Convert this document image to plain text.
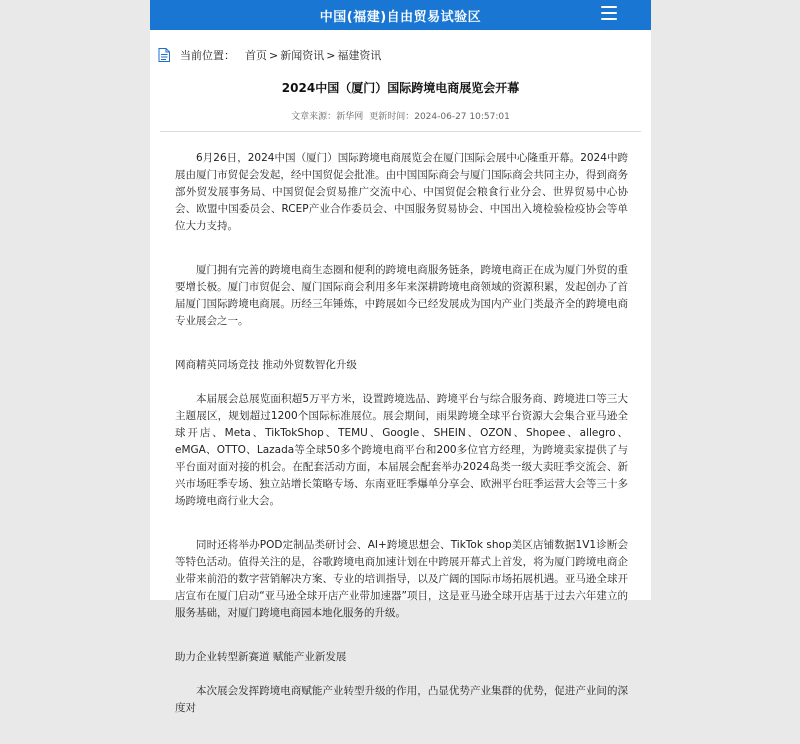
中国(福建)自由贸易试验区
当前位置： 首页 > 新闻资讯 > 福建资讯
2024中国（厦门）国际跨境电商展览会开幕
文章来源：新华网 更新时间：2024-06-27 10:57:01

6月26日，2024中国（厦门）国际跨境电商展览会在厦门国际会展中心隆重开幕。2024中跨展由厦门市贸促会发起，经中国贸促会批准。由中国国际商会与厦门国际商会共同主办，得到商务部外贸发展事务局、中国贸促会贸易推广交流中心、中国贸促会粮食行业分会、世界贸易中心协会、欧盟中国委员会、RCEP产业合作委员会、中国服务贸易协会、中国出入境检验检疫协会等单位大力支持。

厦门拥有完善的跨境电商生态圈和便利的跨境电商服务链条，跨境电商正在成为厦门外贸的重要增长极。厦门市贸促会、厦门国际商会利用多年来深耕跨境电商领域的资源积累，发起创办了首届厦门国际跨境电商展。历经三年锤炼，中跨展如今已经发展成为国内产业门类最齐全的跨境电商专业展会之一。

网商精英同场竞技 推动外贸数智化升级

本届展会总展览面积超5万平方米，设置跨境选品、跨境平台与综合服务商、跨境进口等三大主题展区，规划超过1200个国际标准展位。展会期间，雨果跨境全球平台资源大会集合亚马逊全球开店、Meta、TikTokShop、TEMU、Google、SHEIN、OZON、Shopee、allegro、eMGA、OTTO、Lazada等全球50多个跨境电商平台和200多位官方经理，为跨境卖家提供了与平台面对面对接的机会。在配套活动方面，本届展会配套举办2024岛类一级大卖旺季交流会、新兴市场旺季专场、独立站增长策略专场、东南亚旺季爆单分享会、欧洲平台旺季运营大会等三十多场跨境电商行业大会。

同时还将举办POD定制品类研讨会、AI+跨境思想会、TikTok shop美区店铺数据1V1诊断会等特色活动。值得关注的是，谷歌跨境电商加速计划在中跨展开幕式上首发，将为厦门跨境电商企业带来前沿的数字营销解决方案、专业的培训指导，以及广阔的国际市场拓展机遇。亚马逊全球开店宣布在厦门启动“亚马逊全球开店产业带加速器”项目，这是亚马逊全球开店基于过去六年建立的服务基础，对厦门跨境电商园本地化服务的升级。

助力企业转型新赛道 赋能产业新发展

本次展会发挥跨境电商赋能产业转型升级的作用，凸显优势产业集群的优势，促进产业间的深度对
